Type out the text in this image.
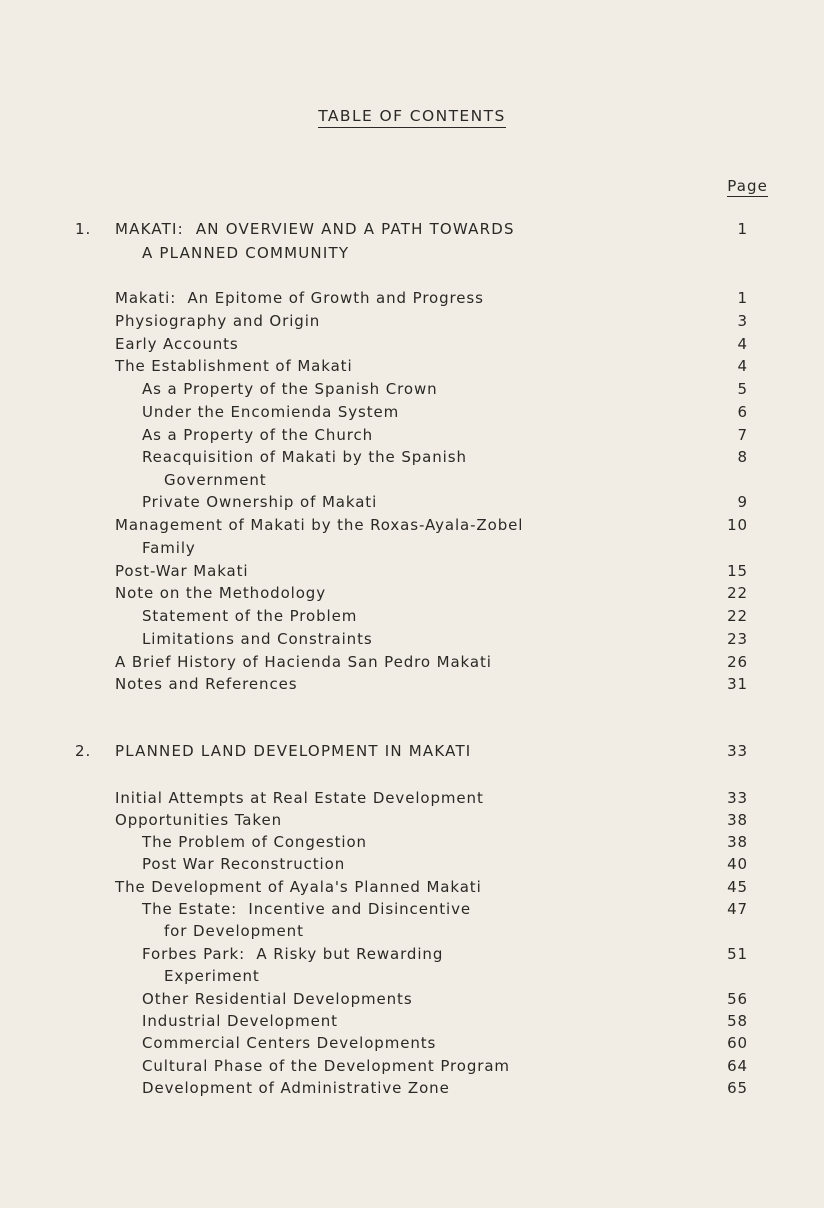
TABLE OF CONTENTS
Page
1. MAKATI:  AN OVERVIEW AND A PATH TOWARDS	1
A PLANNED COMMUNITY
Makati:  An Epitome of Growth and Progress	1
Physiography and Origin	3
Early Accounts	4
The Establishment of Makati	4
As a Property of the Spanish Crown	5
Under the Encomienda System	6
As a Property of the Church	7
Reacquisition of Makati by the Spanish	8
Government
Private Ownership of Makati	9
Management of Makati by the Roxas-Ayala-Zobel	10
Family
Post-War Makati	15
Note on the Methodology	22
Statement of the Problem	22
Limitations and Constraints	23
A Brief History of Hacienda San Pedro Makati	26
Notes and References	31
2. PLANNED LAND DEVELOPMENT IN MAKATI	33
Initial Attempts at Real Estate Development	33
Opportunities Taken	38
The Problem of Congestion	38
Post War Reconstruction	40
The Development of Ayala's Planned Makati	45
The Estate:  Incentive and Disincentive	47
for Development
Forbes Park:  A Risky but Rewarding	51
Experiment
Other Residential Developments	56
Industrial Development	58
Commercial Centers Developments	60
Cultural Phase of the Development Program	64
Development of Administrative Zone	65
